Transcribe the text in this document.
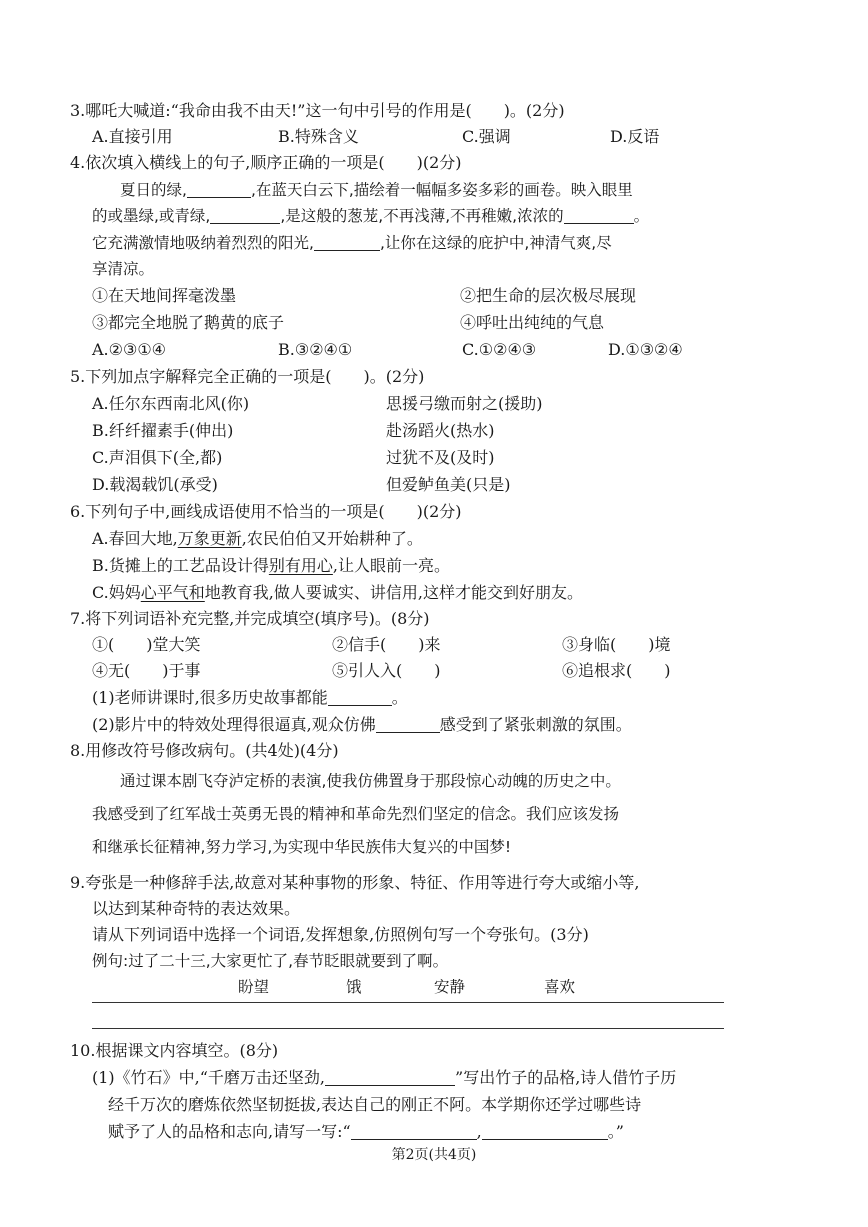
3.哪吒大喊道:“我命由我不由天!”这一句中引号的作用是(　　)。(2分)
A.直接引用	B.特殊含义	C.强调	D.反语
4.依次填入横线上的句子,顺序正确的一项是(　　)(2分)
夏日的绿,	,在蓝天白云下,描绘着一幅幅多姿多彩的画卷。映入眼里
的或墨绿,或青绿,	,是这般的葱茏,不再浅薄,不再稚嫩,浓浓的	。
它充满激情地吸纳着烈烈的阳光,	,让你在这绿的庇护中,神清气爽,尽
享清凉。
①在天地间挥毫泼墨	②把生命的层次极尽展现
③都完全地脱了鹅黄的底子	④呼吐出纯纯的气息
A.②③①④	B.③②④①	C.①②④③	D.①③②④
5.下列加点字解释完全正确的一项是(　　)。(2分)
A.任尔东西南北风(你)	思援弓缴而射之(援助)
B.纤纤擢素手(伸出)	赴汤蹈火(热水)
C.声泪俱下(全,都)	过犹不及(及时)
D.载渴载饥(承受)	但爱鲈鱼美(只是)
6.下列句子中,画线成语使用不恰当的一项是(　　)(2分)
A.春回大地,万象更新,农民伯伯又开始耕种了。
B.货摊上的工艺品设计得别有用心,让人眼前一亮。
C.妈妈心平气和地教育我,做人要诚实、讲信用,这样才能交到好朋友。
7.将下列词语补充完整,并完成填空(填序号)。(8分)
①(　　)堂大笑	②信手(　　)来	③身临(　　)境
④无(　　)于事	⑤引人入(　　)	⑥追根求(　　)
(1)老师讲课时,很多历史故事都能	。
(2)影片中的特效处理得很逼真,观众仿佛	感受到了紧张刺激的氛围。
8.用修改符号修改病句。(共4处)(4分)
通过课本剧飞夺泸定桥的表演,使我仿佛置身于那段惊心动魄的历史之中。
我感受到了红军战士英勇无畏的精神和革命先烈们坚定的信念。我们应该发扬
和继承长征精神,努力学习,为实现中华民族伟大复兴的中国梦!
9.夸张是一种修辞手法,故意对某种事物的形象、特征、作用等进行夸大或缩小等,
以达到某种奇特的表达效果。
请从下列词语中选择一个词语,发挥想象,仿照例句写一个夸张句。(3分)
例句:过了二十三,大家更忙了,春节眨眼就要到了啊。
盼望	饿	安静	喜欢
10.根据课文内容填空。(8分)
(1)《竹石》中,“千磨万击还坚劲,	”写出竹子的品格,诗人借竹子历
经千万次的磨炼依然坚韧挺拔,表达自己的刚正不阿。本学期你还学过哪些诗
赋予了人的品格和志向,请写一写:“	,	。”
第2页(共4页)
